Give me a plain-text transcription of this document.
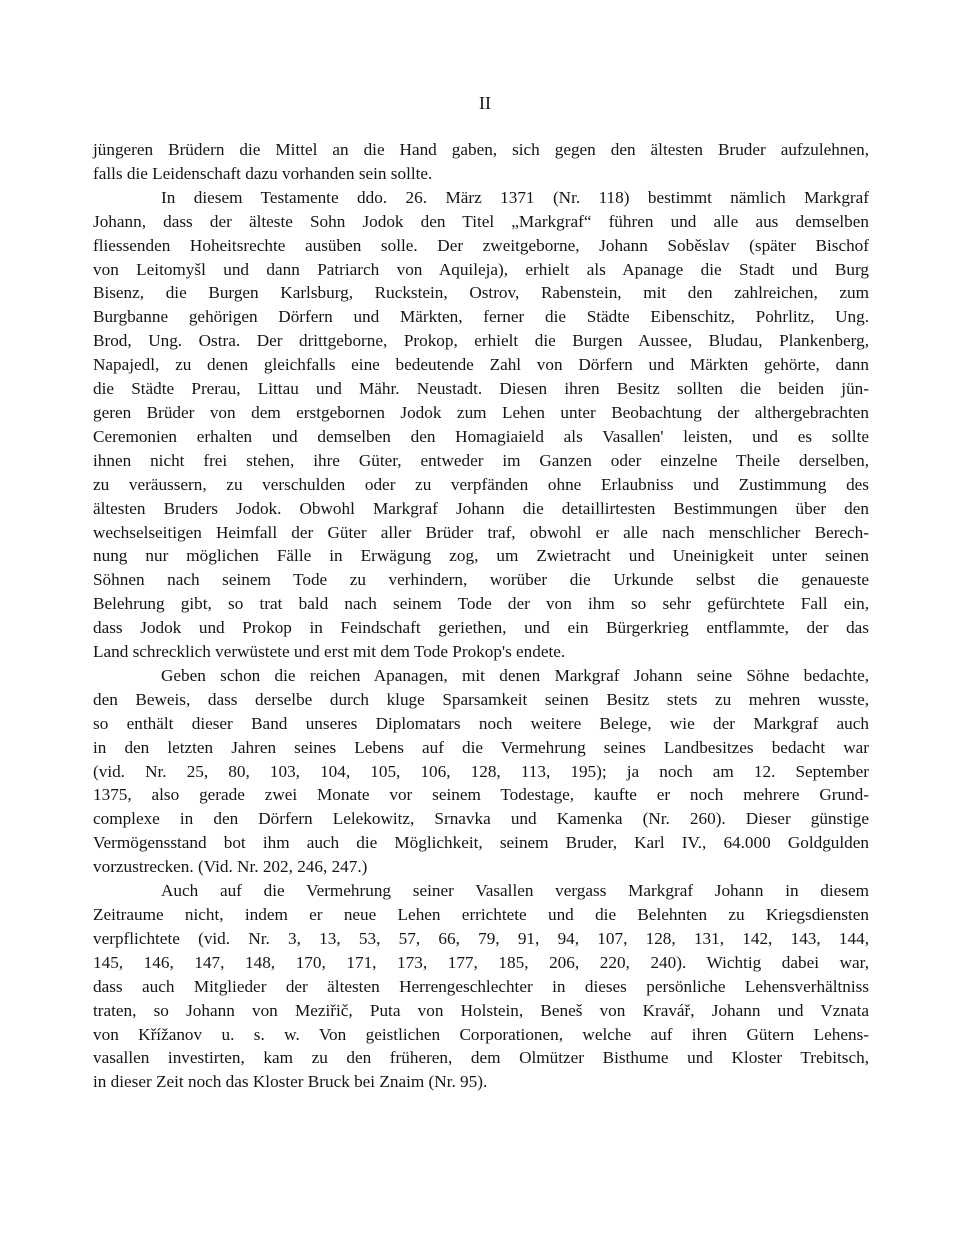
II

jüngeren Brüdern die Mittel an die Hand gaben, sich gegen den ältesten Bruder aufzulehnen,
falls die Leidenschaft dazu vorhanden sein sollte.

In diesem Testamente ddo. 26. März 1371 (Nr. 118) bestimmt nämlich Markgraf
Johann, dass der älteste Sohn Jodok den Titel „Markgraf“ führen und alle aus demselben
fliessenden Hoheitsrechte ausüben solle. Der zweitgeborne, Johann Soběslav (später Bischof
von Leitomyšl und dann Patriarch von Aquileja), erhielt als Apanage die Stadt und Burg
Bisenz, die Burgen Karlsburg, Ruckstein, Ostrov, Rabenstein, mit den zahlreichen, zum
Burgbanne gehörigen Dörfern und Märkten, ferner die Städte Eibenschitz, Pohrlitz, Ung.
Brod, Ung. Ostra. Der drittgeborne, Prokop, erhielt die Burgen Aussee, Bludau, Plankenberg,
Napajedl, zu denen gleichfalls eine bedeutende Zahl von Dörfern und Märkten gehörte, dann
die Städte Prerau, Littau und Mähr. Neustadt. Diesen ihren Besitz sollten die beiden jün-
geren Brüder von dem erstgebornen Jodok zum Lehen unter Beobachtung der althergebrachten
Ceremonien erhalten und demselben den Homagiaield als Vasallen' leisten, und es sollte
ihnen nicht frei stehen, ihre Güter, entweder im Ganzen oder einzelne Theile derselben,
zu veräussern, zu verschulden oder zu verpfänden ohne Erlaubniss und Zustimmung des
ältesten Bruders Jodok. Obwohl Markgraf Johann die detaillirtesten Bestimmungen über den
wechselseitigen Heimfall der Güter aller Brüder traf, obwohl er alle nach menschlicher Berech-
nung nur möglichen Fälle in Erwägung zog, um Zwietracht und Uneinigkeit unter seinen
Söhnen nach seinem Tode zu verhindern, worüber die Urkunde selbst die genaueste
Belehrung gibt, so trat bald nach seinem Tode der von ihm so sehr gefürchtete Fall ein,
dass Jodok und Prokop in Feindschaft geriethen, und ein Bürgerkrieg entflammte, der das
Land schrecklich verwüstete und erst mit dem Tode Prokop's endete.

Geben schon die reichen Apanagen, mit denen Markgraf Johann seine Söhne bedachte,
den Beweis, dass derselbe durch kluge Sparsamkeit seinen Besitz stets zu mehren wusste,
so enthält dieser Band unseres Diplomatars noch weitere Belege, wie der Markgraf auch
in den letzten Jahren seines Lebens auf die Vermehrung seines Landbesitzes bedacht war
(vid. Nr. 25, 80, 103, 104, 105, 106, 128, 113, 195); ja noch am 12. September
1375, also gerade zwei Monate vor seinem Todestage, kaufte er noch mehrere Grund-
complexe in den Dörfern Lelekowitz, Srnavka und Kamenka (Nr. 260). Dieser günstige
Vermögensstand bot ihm auch die Möglichkeit, seinem Bruder, Karl IV., 64.000 Goldgulden
vorzustrecken. (Vid. Nr. 202, 246, 247.)

Auch auf die Vermehrung seiner Vasallen vergass Markgraf Johann in diesem
Zeitraume nicht, indem er neue Lehen errichtete und die Belehnten zu Kriegsdiensten
verpflichtete (vid. Nr. 3, 13, 53, 57, 66, 79, 91, 94, 107, 128, 131, 142, 143, 144,
145, 146, 147, 148, 170, 171, 173, 177, 185, 206, 220, 240). Wichtig dabei war,
dass auch Mitglieder der ältesten Herrengeschlechter in dieses persönliche Lehensverhältniss
traten, so Johann von Meziřič, Puta von Holstein, Beneš von Kravář, Johann und Vznata
von Křížanov u. s. w. Von geistlichen Corporationen, welche auf ihren Gütern Lehens-
vasallen investirten, kam zu den früheren, dem Olmützer Bisthume und Kloster Trebitsch,
in dieser Zeit noch das Kloster Bruck bei Znaim (Nr. 95).
